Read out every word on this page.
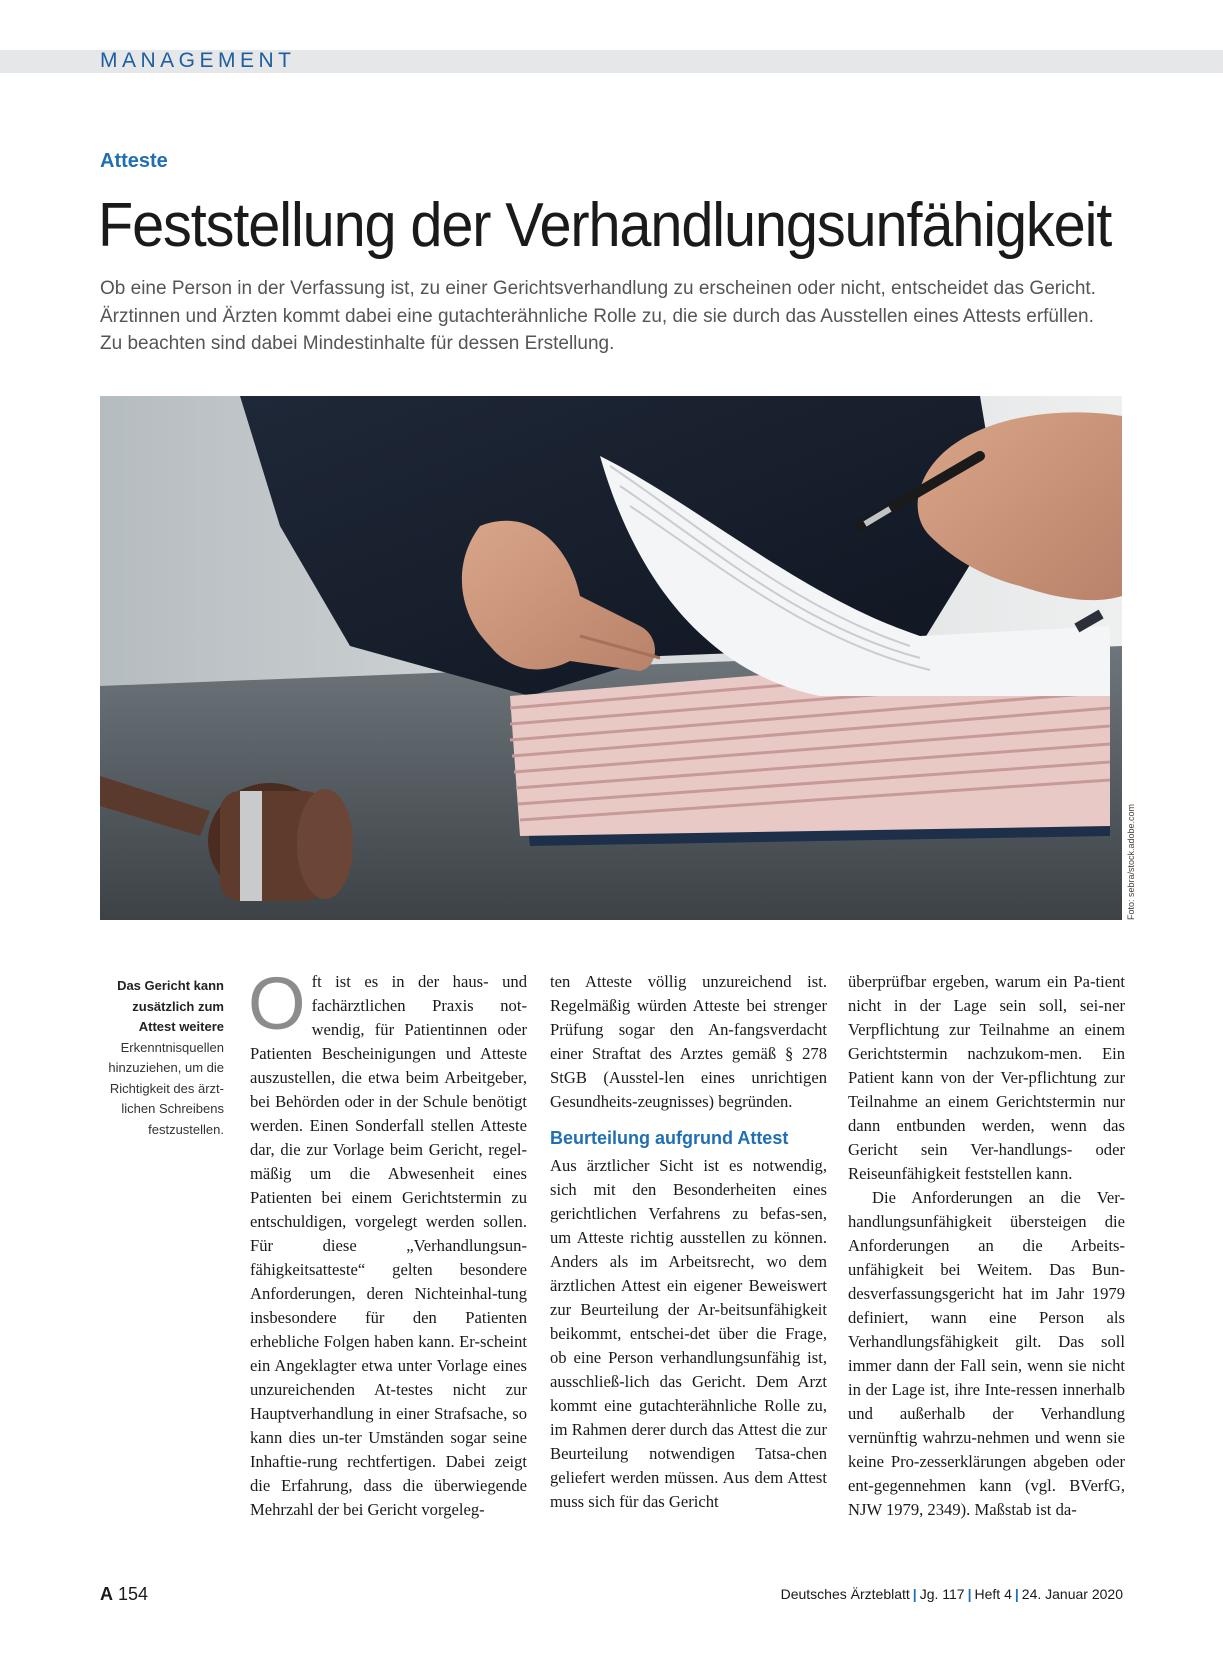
MANAGEMENT
Atteste
Feststellung der Verhandlungsunfähigkeit

Ob eine Person in der Verfassung ist, zu einer Gerichtsverhandlung zu erscheinen oder nicht, entscheidet das Gericht. Ärztinnen und Ärzten kommt dabei eine gutachterähnliche Rolle zu, die sie durch das Ausstellen eines Attests erfüllen. Zu beachten sind dabei Mindestinhalte für dessen Erstellung.

Foto: sebra/stock.adobe.com

Das Gericht kann zusätzlich zum Attest weitere Erkenntnisquellen hinzuziehen, um die Richtigkeit des ärzt-lichen Schreibens festzustellen.

O ft ist es in der haus- und fachärztlichen Praxis not-wendig, für Patientinnen oder Patienten Bescheinigungen und Atteste auszustellen, die etwa beim Arbeitgeber, bei Behörden oder in der Schule benötigt werden. Einen Sonderfall stellen Atteste dar, die zur Vorlage beim Gericht, regel-mäßig um die Abwesenheit eines Patienten bei einem Gerichtstermin zu entschuldigen, vorgelegt werden sollen. Für diese „Verhandlungsun-fähigkeitsatteste“ gelten besondere Anforderungen, deren Nichteinhal-tung insbesondere für den Patienten erhebliche Folgen haben kann. Er-scheint ein Angeklagter etwa unter Vorlage eines unzureichenden At-testes nicht zur Hauptverhandlung in einer Strafsache, so kann dies un-ter Umständen sogar seine Inhaftie-rung rechtfertigen. Dabei zeigt die Erfahrung, dass die überwiegende Mehrzahl der bei Gericht vorgeleg-

ten Atteste völlig unzureichend ist. Regelmäßig würden Atteste bei strenger Prüfung sogar den An-fangsverdacht einer Straftat des Arztes gemäß § 278 StGB (Ausstel-len eines unrichtigen Gesundheits-zeugnisses) begründen.

Beurteilung aufgrund Attest

Aus ärztlicher Sicht ist es notwendig, sich mit den Besonderheiten eines gerichtlichen Verfahrens zu befas-sen, um Atteste richtig ausstellen zu können. Anders als im Arbeitsrecht, wo dem ärztlichen Attest ein eigener Beweiswert zur Beurteilung der Ar-beitsunfähigkeit beikommt, entschei-det über die Frage, ob eine Person verhandlungsunfähig ist, ausschließ-lich das Gericht. Dem Arzt kommt eine gutachterähnliche Rolle zu, im Rahmen derer durch das Attest die zur Beurteilung notwendigen Tatsa-chen geliefert werden müssen. Aus dem Attest muss sich für das Gericht

überprüfbar ergeben, warum ein Pa-tient nicht in der Lage sein soll, sei-ner Verpflichtung zur Teilnahme an einem Gerichtstermin nachzukom-men. Ein Patient kann von der Ver-pflichtung zur Teilnahme an einem Gerichtstermin nur dann entbunden werden, wenn das Gericht sein Ver-handlungs- oder Reiseunfähigkeit feststellen kann.

Die Anforderungen an die Ver-handlungsunfähigkeit übersteigen die Anforderungen an die Arbeits-unfähigkeit bei Weitem. Das Bun-desverfassungsgericht hat im Jahr 1979 definiert, wann eine Person als Verhandlungsfähigkeit gilt. Das soll immer dann der Fall sein, wenn sie nicht in der Lage ist, ihre Inte-ressen innerhalb und außerhalb der Verhandlung vernünftig wahrzu-nehmen und wenn sie keine Pro-zesserklärungen abgeben oder ent-gegennehmen kann (vgl. BVerfG, NJW 1979, 2349). Maßstab ist da-

A 154	Deutsches Ärzteblatt | Jg. 117 | Heft 4 | 24. Januar 2020
